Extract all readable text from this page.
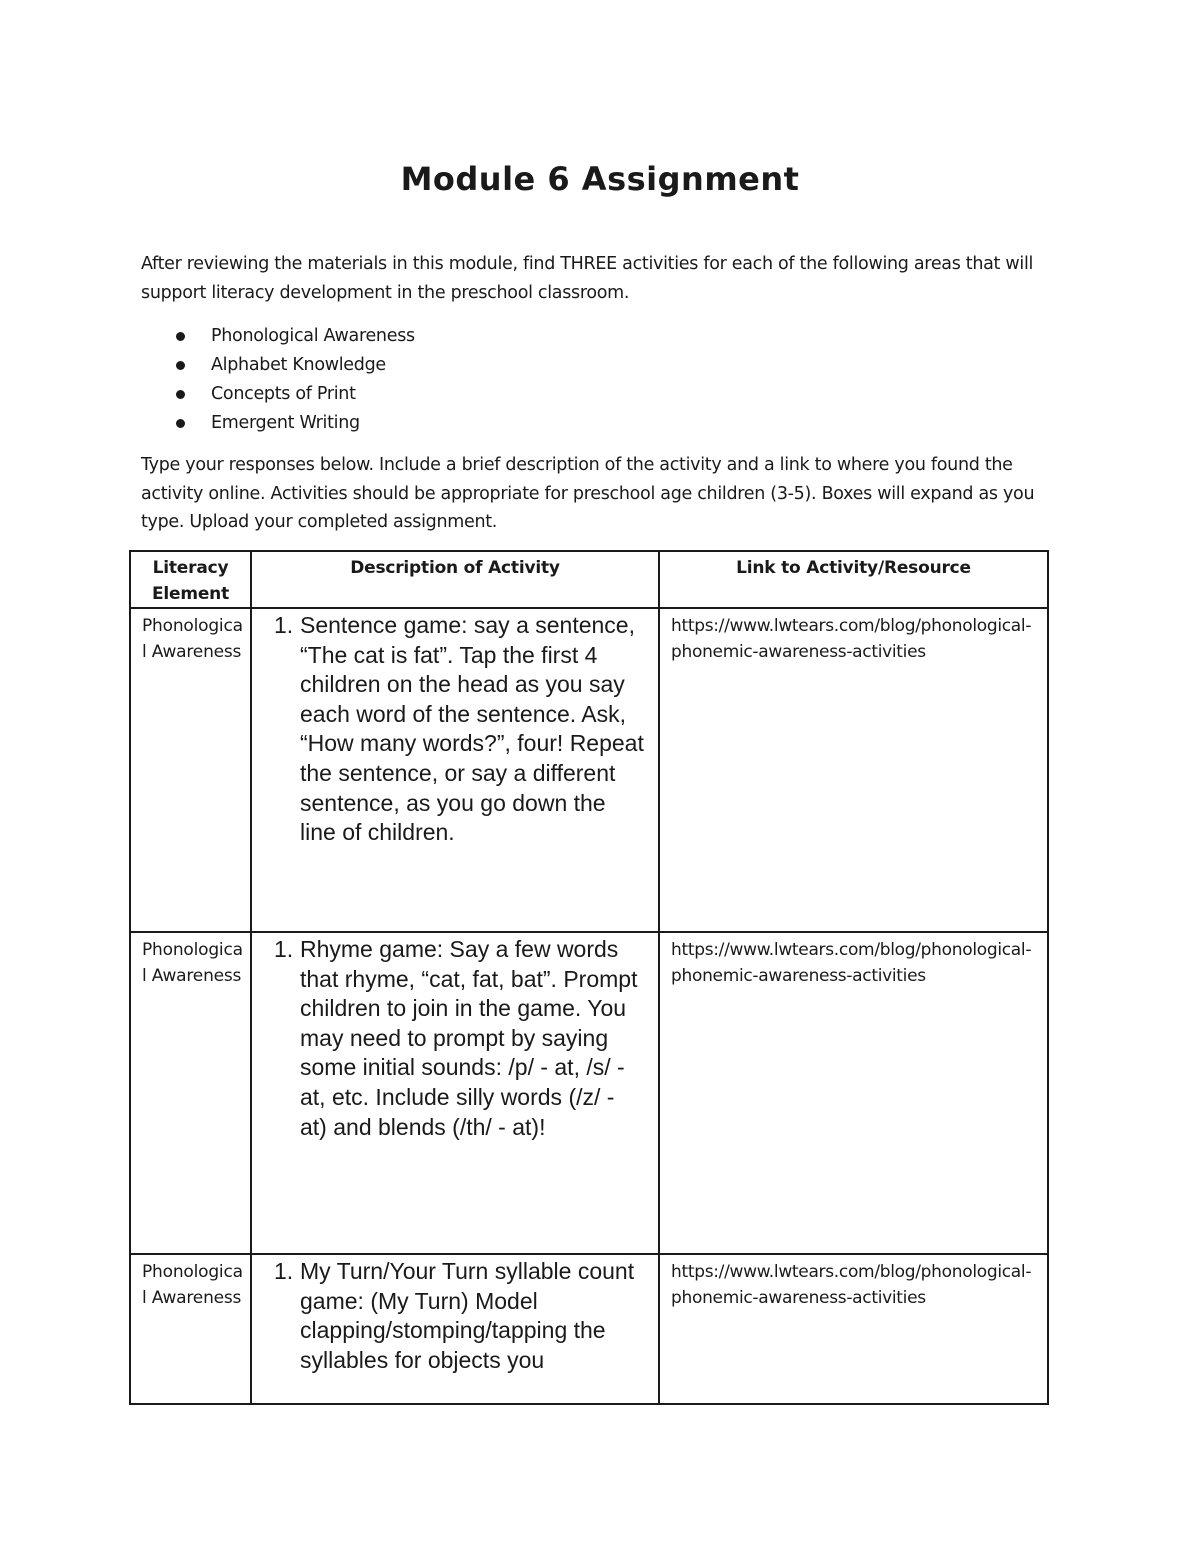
Module 6 Assignment

After reviewing the materials in this module, find THREE activities for each of the following areas that will support literacy development in the preschool classroom.

Phonological Awareness
Alphabet Knowledge
Concepts of Print
Emergent Writing

Type your responses below. Include a brief description of the activity and a link to where you found the activity online. Activities should be appropriate for preschool age children (3-5). Boxes will expand as you type. Upload your completed assignment.

Literacy Element	Description of Activity	Link to Activity/Resource
Phonological Awareness	1. Sentence game: say a sentence, “The cat is fat”. Tap the first 4 children on the head as you say each word of the sentence. Ask, “How many words?”, four! Repeat the sentence, or say a different sentence, as you go down the line of children.	https://www.lwtears.com/blog/phonological-phonemic-awareness-activities
Phonological Awareness	1. Rhyme game: Say a few words that rhyme, “cat, fat, bat”. Prompt children to join in the game. You may need to prompt by saying some initial sounds: /p/ - at, /s/ - at, etc. Include silly words (/z/ - at) and blends (/th/ - at)!	https://www.lwtears.com/blog/phonological-phonemic-awareness-activities
Phonological Awareness	1. My Turn/Your Turn syllable count game: (My Turn) Model clapping/stomping/tapping the syllables for objects you	https://www.lwtears.com/blog/phonological-phonemic-awareness-activities
